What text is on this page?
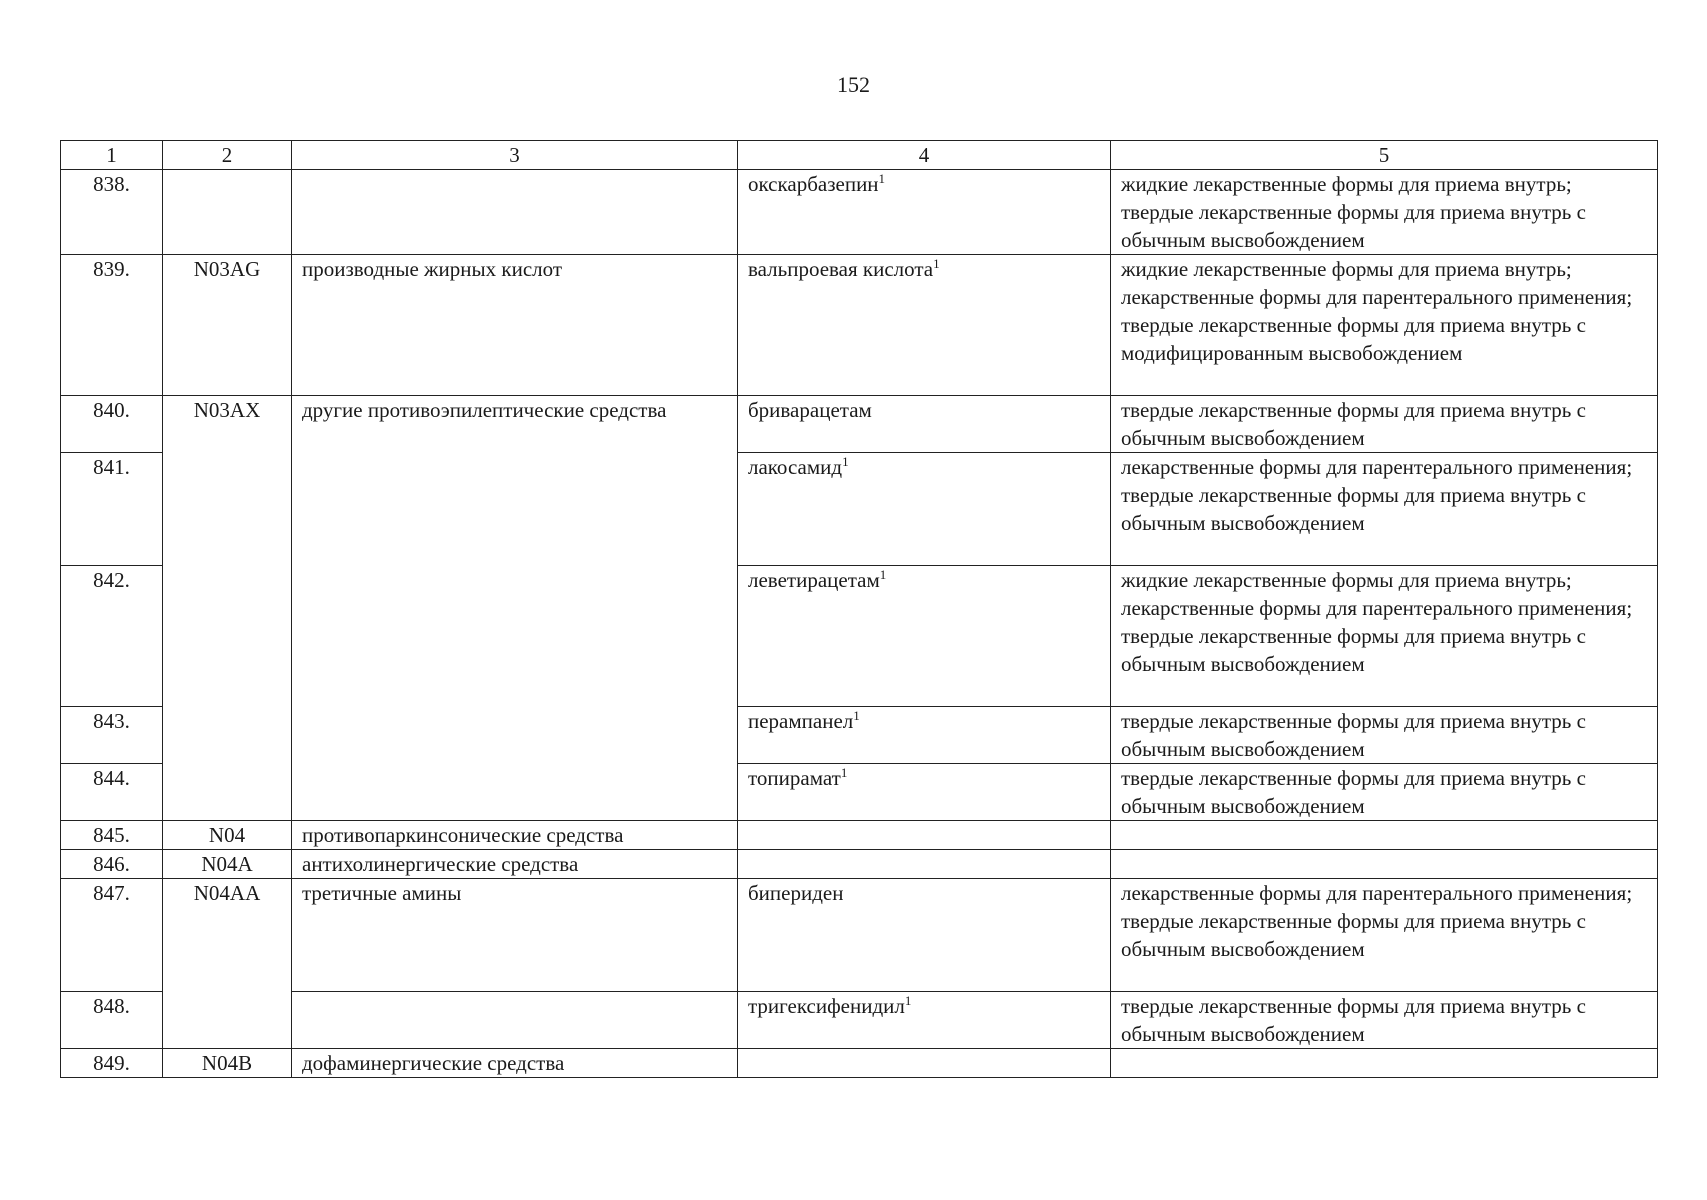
152
1	2	3	4	5
838.			окскарбазепин$^1$	жидкие лекарственные формы для приема внутрь;
твердые лекарственные формы для приема внутрь с обычным высвобождением
839.	N03AG	производные жирных кислот	вальпроевая кислота$^1$	жидкие лекарственные формы для приема внутрь;
лекарственные формы для парентерального применения;
твердые лекарственные формы для приема внутрь с модифицированным высвобождением
840.	N03AX	другие противоэпилептические средства	бриварацетам	твердые лекарственные формы для приема внутрь с обычным высвобождением
841.			лакосамид$^1$	лекарственные формы для парентерального применения;
твердые лекарственные формы для приема внутрь с обычным высвобождением
842.			леветирацетам$^1$	жидкие лекарственные формы для приема внутрь;
лекарственные формы для парентерального применения;
твердые лекарственные формы для приема внутрь с обычным высвобождением
843.			перампанел$^1$	твердые лекарственные формы для приема внутрь с обычным высвобождением
844.			топирамат$^1$	твердые лекарственные формы для приема внутрь с обычным высвобождением
845.	N04	противопаркинсонические средства		
846.	N04A	антихолинергические средства		
847.	N04AA	третичные амины	бипериден	лекарственные формы для парентерального применения;
твердые лекарственные формы для приема внутрь с обычным высвобождением
848.			тригексифенидил$^1$	твердые лекарственные формы для приема внутрь с обычным высвобождением
849.	N04B	дофаминергические средства		
